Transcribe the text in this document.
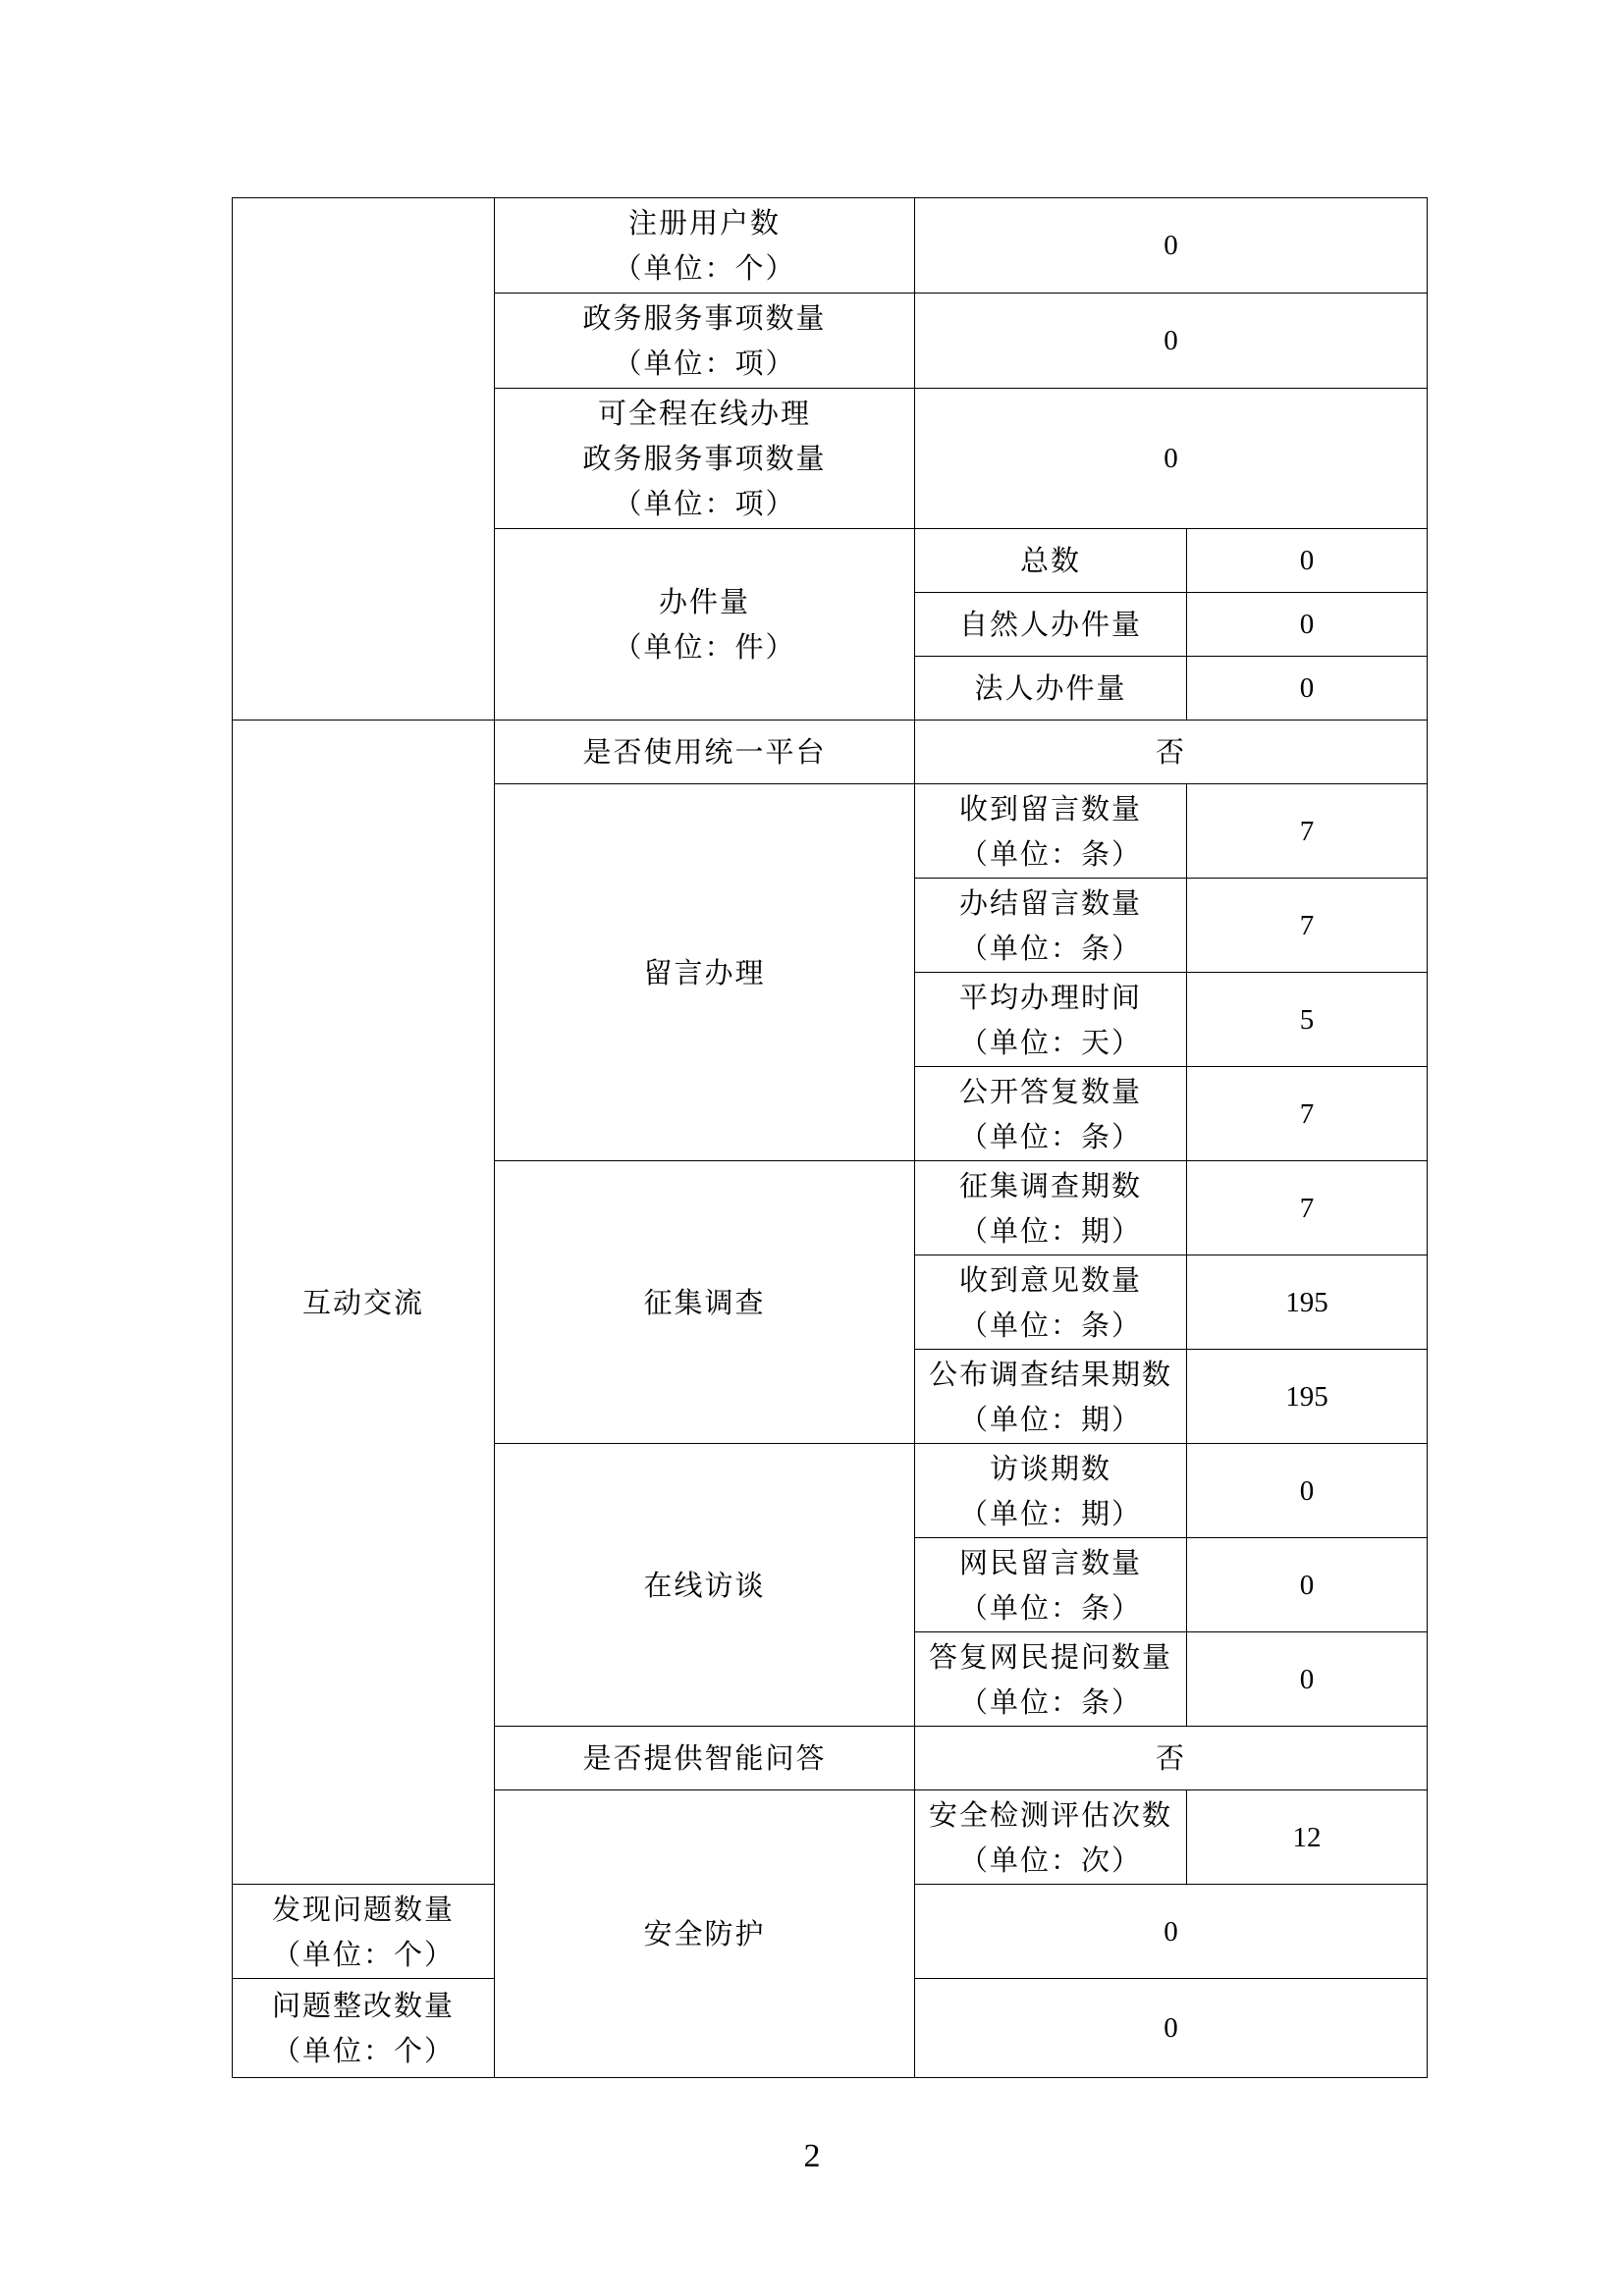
	注册用户数
（单位：个）	0	

	政务服务事项数量
（单位：项）	0	

	可全程在线办理
政务服务事项数量
（单位：项）	0	

	办件量
（单位：件）	总数	0
		自然人办件量	0
		法人办件量	0
互动交流	是否使用统一平台	否	
	留言办理	收到留言数量
（单位：条）	7

		办结留言数量
（单位：条）	7

		平均办理时间
（单位：天）	5

		公开答复数量
（单位：条）	7
	征集调查	征集调查期数
（单位：期）	7

		收到意见数量
（单位：条）	195

		公布调查结果期数
（单位：期）	195
	在线访谈	访谈期数
（单位：期）	0

		网民留言数量
（单位：条）	0

		答复网民提问数量
（单位：条）	0
	是否提供智能问答	否	
	安全防护	安全检测评估次数
（单位：次）	12

发现问题数量
（单位：个）		0	

问题整改数量
（单位：个）		0	
2
